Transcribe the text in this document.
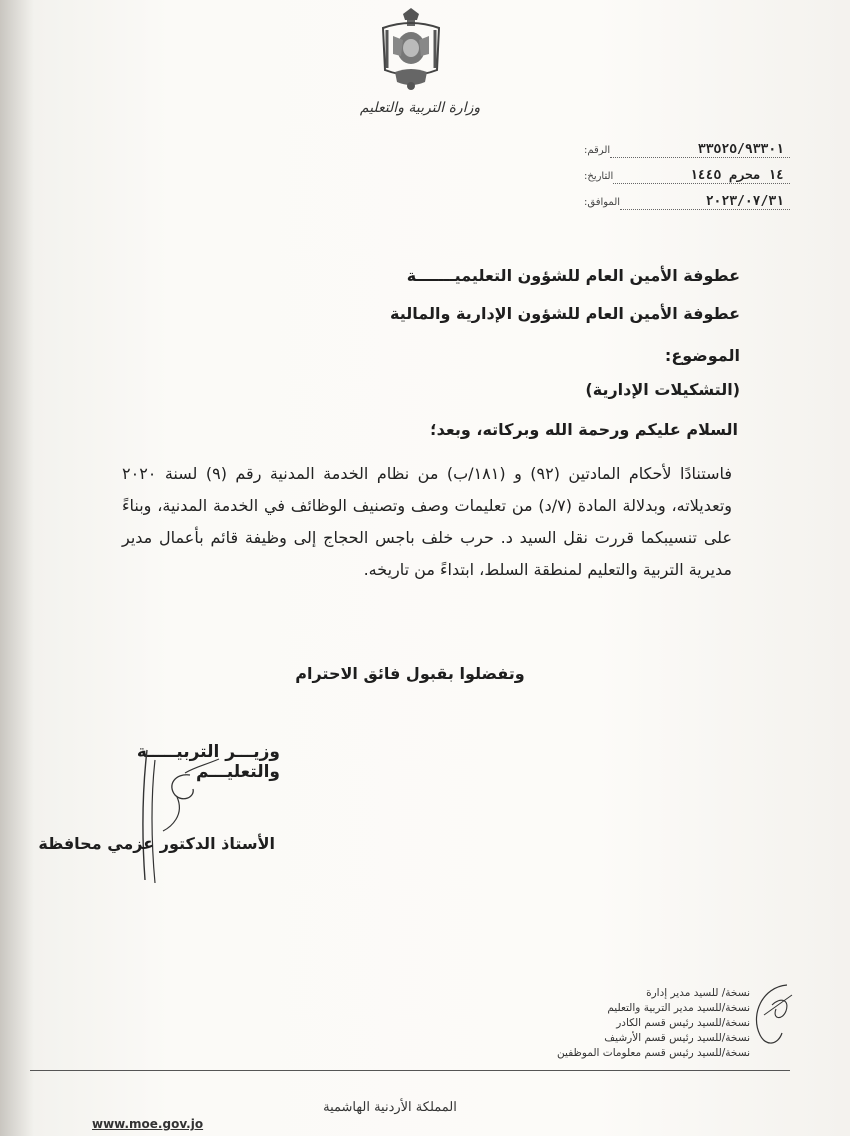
وزارة التربية والتعليم
الرقم:	٣٣٥٢٥/٩٣٣٠١
التاريخ:	١٤ محرم ١٤٤٥
الموافق:	٢٠٢٣/٠٧/٣١
عطوفة الأمين العام للشؤون التعليميـــــــة
عطوفة الأمين العام للشؤون الإدارية والمالية
الموضوع:
(التشكيلات الإدارية)
السلام عليكم ورحمة الله وبركاته، وبعد؛
فاستنادًا لأحكام المادتين (٩٢) و (١٨١/ب) من نظام الخدمة المدنية رقم (٩) لسنة ٢٠٢٠ وتعديلاته، وبدلالة المادة (٧/د) من تعليمات وصف وتصنيف الوظائف في الخدمة المدنية، وبناءً على تنسيبكما قررت نقل السيد د. حرب خلف باجس الحجاج إلى وظيفة قائم بأعمال مدير مديرية التربية والتعليم لمنطقة السلط، ابتداءً من تاريخه.
وتفضلوا بقبول فائق الاحترام
وزيـــر التربيـــــة والتعليـــم
الأستاذ الدكتور عزمي محافظة
نسخة/ للسيد مدير إدارة
نسخة/للسيد مدير التربية والتعليم
نسخة/للسيد رئيس قسم الكادر
نسخة/للسيد رئيس قسم الأرشيف
نسخة/للسيد رئيس قسم معلومات الموظفين
المملكة الأردنية الهاشمية
www.moe.gov.jo
